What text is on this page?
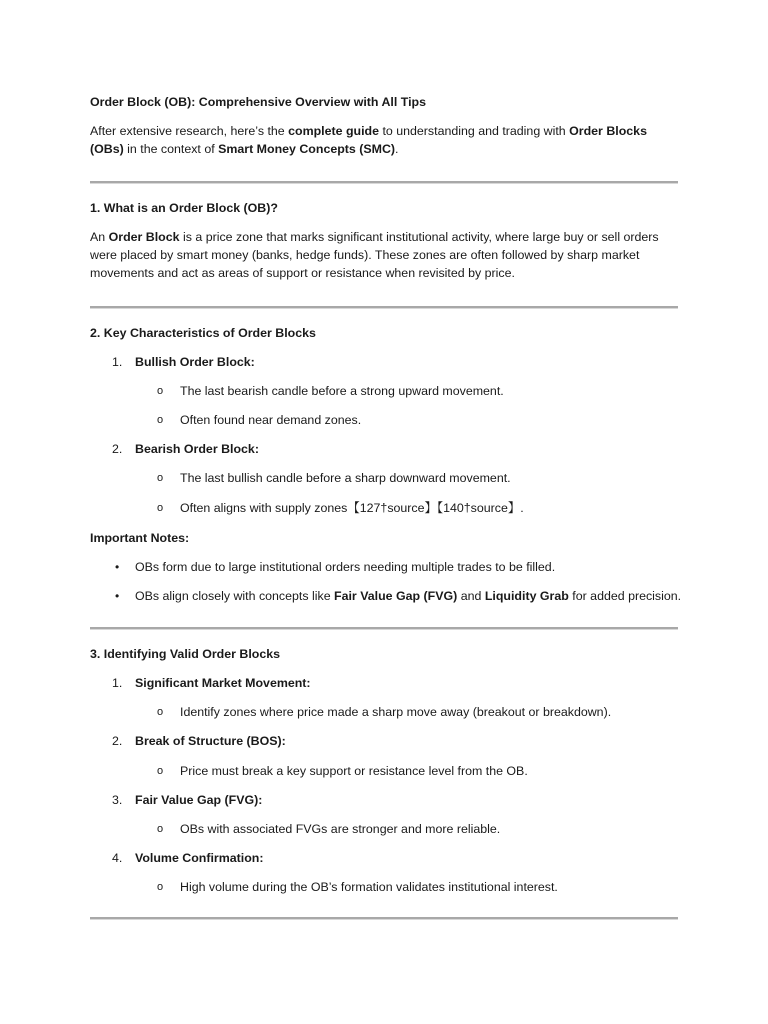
Order Block (OB): Comprehensive Overview with All Tips

After extensive research, here’s the complete guide to understanding and trading with Order Blocks (OBs) in the context of Smart Money Concepts (SMC).

1. What is an Order Block (OB)?

An Order Block is a price zone that marks significant institutional activity, where large buy or sell orders were placed by smart money (banks, hedge funds). These zones are often followed by sharp market movements and act as areas of support or resistance when revisited by price.

2. Key Characteristics of Order Blocks

1. Bullish Order Block:
o The last bearish candle before a strong upward movement.
o Often found near demand zones.
2. Bearish Order Block:
o The last bullish candle before a sharp downward movement.
o Often aligns with supply zones【127†source】【140†source】.

Important Notes:

• OBs form due to large institutional orders needing multiple trades to be filled.
• OBs align closely with concepts like Fair Value Gap (FVG) and Liquidity Grab for added precision.

3. Identifying Valid Order Blocks

1. Significant Market Movement:
o Identify zones where price made a sharp move away (breakout or breakdown).
2. Break of Structure (BOS):
o Price must break a key support or resistance level from the OB.
3. Fair Value Gap (FVG):
o OBs with associated FVGs are stronger and more reliable.
4. Volume Confirmation:
o High volume during the OB’s formation validates institutional interest.
